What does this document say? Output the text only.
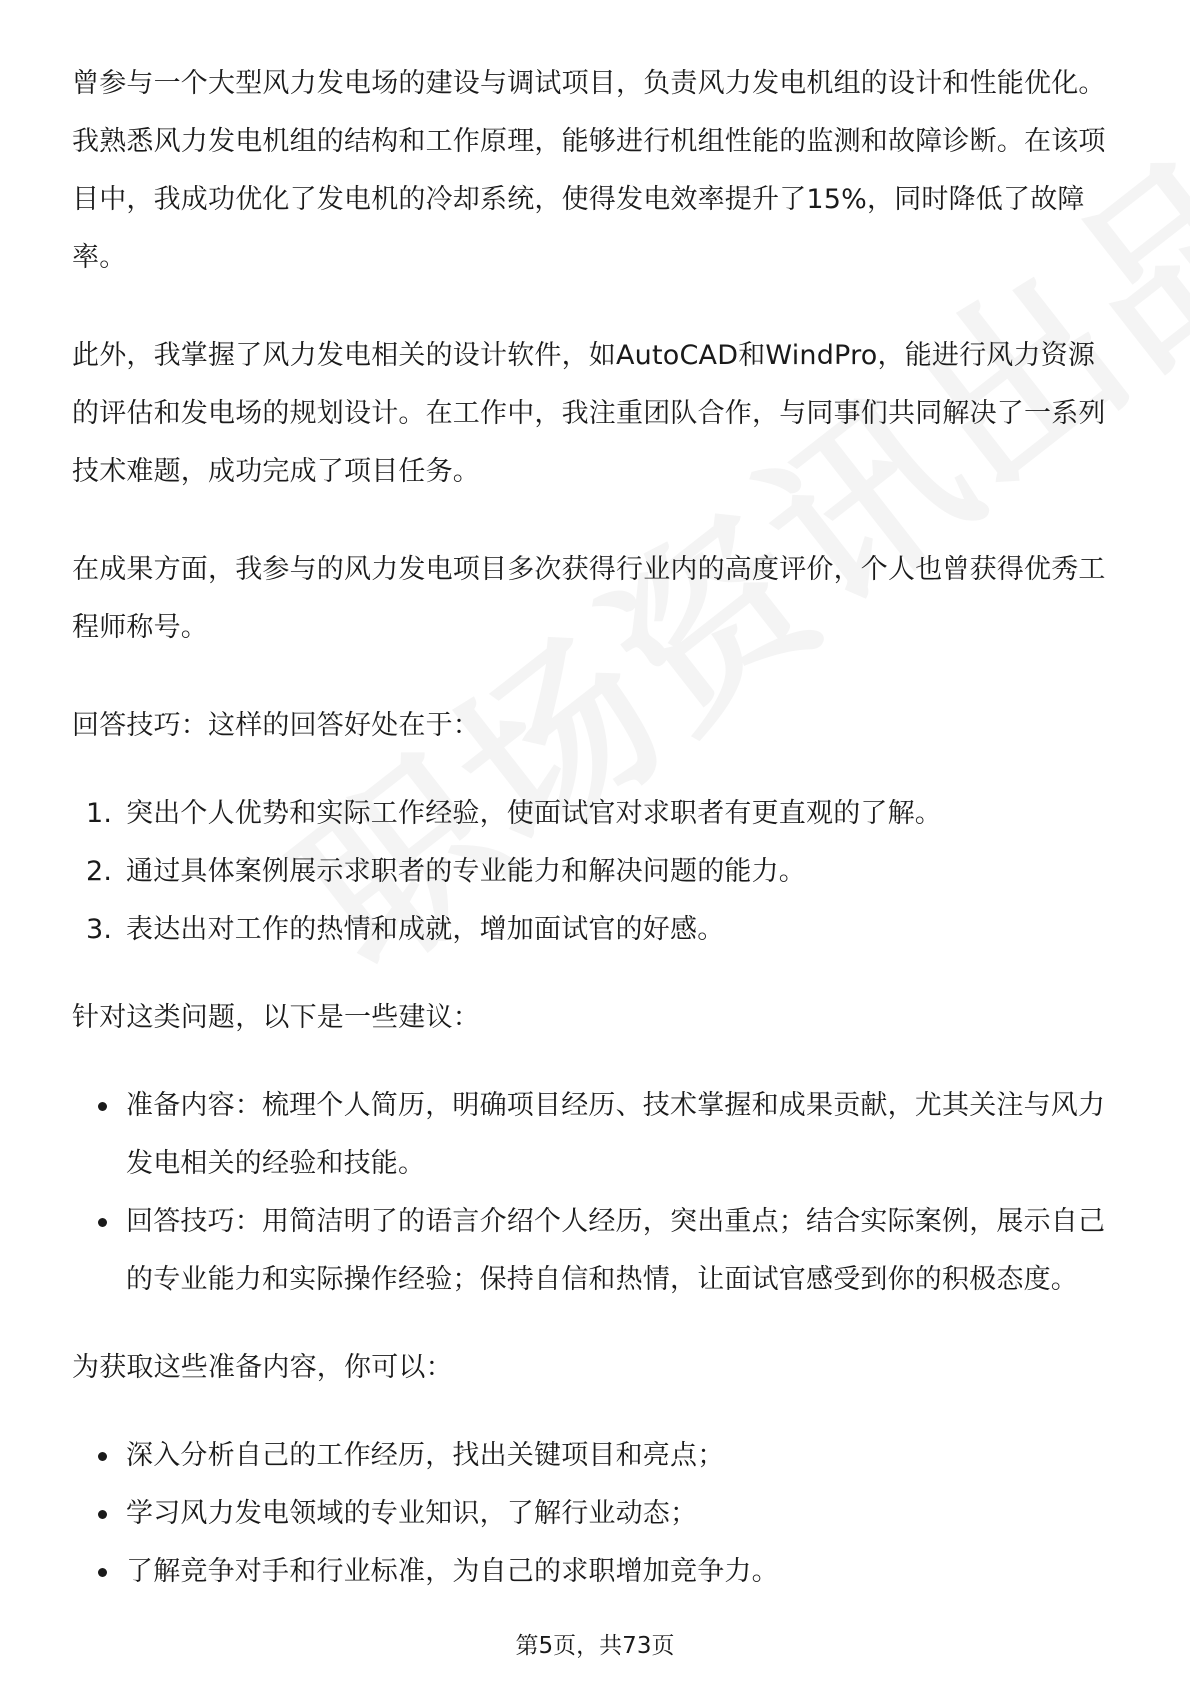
曾参与一个大型风力发电场的建设与调试项目，负责风力发电机组的设计和性能优化。我熟悉风力发电机组的结构和工作原理，能够进行机组性能的监测和故障诊断。在该项目中，我成功优化了发电机的冷却系统，使得发电效率提升了15%，同时降低了故障率。

此外，我掌握了风力发电相关的设计软件，如AutoCAD和WindPro，能进行风力资源的评估和发电场的规划设计。在工作中，我注重团队合作，与同事们共同解决了一系列技术难题，成功完成了项目任务。

在成果方面，我参与的风力发电项目多次获得行业内的高度评价，个人也曾获得优秀工程师称号。

回答技巧：这样的回答好处在于：

1. 突出个人优势和实际工作经验，使面试官对求职者有更直观的了解。
2. 通过具体案例展示求职者的专业能力和解决问题的能力。
3. 表达出对工作的热情和成就，增加面试官的好感。

针对这类问题，以下是一些建议：

准备内容：梳理个人简历，明确项目经历、技术掌握和成果贡献，尤其关注与风力发电相关的经验和技能。
回答技巧：用简洁明了的语言介绍个人经历，突出重点；结合实际案例，展示自己的专业能力和实际操作经验；保持自信和热情，让面试官感受到你的积极态度。

为获取这些准备内容，你可以：

深入分析自己的工作经历，找出关键项目和亮点；
学习风力发电领域的专业知识，了解行业动态；
了解竞争对手和行业标准，为自己的求职增加竞争力。
第5页，共73页
